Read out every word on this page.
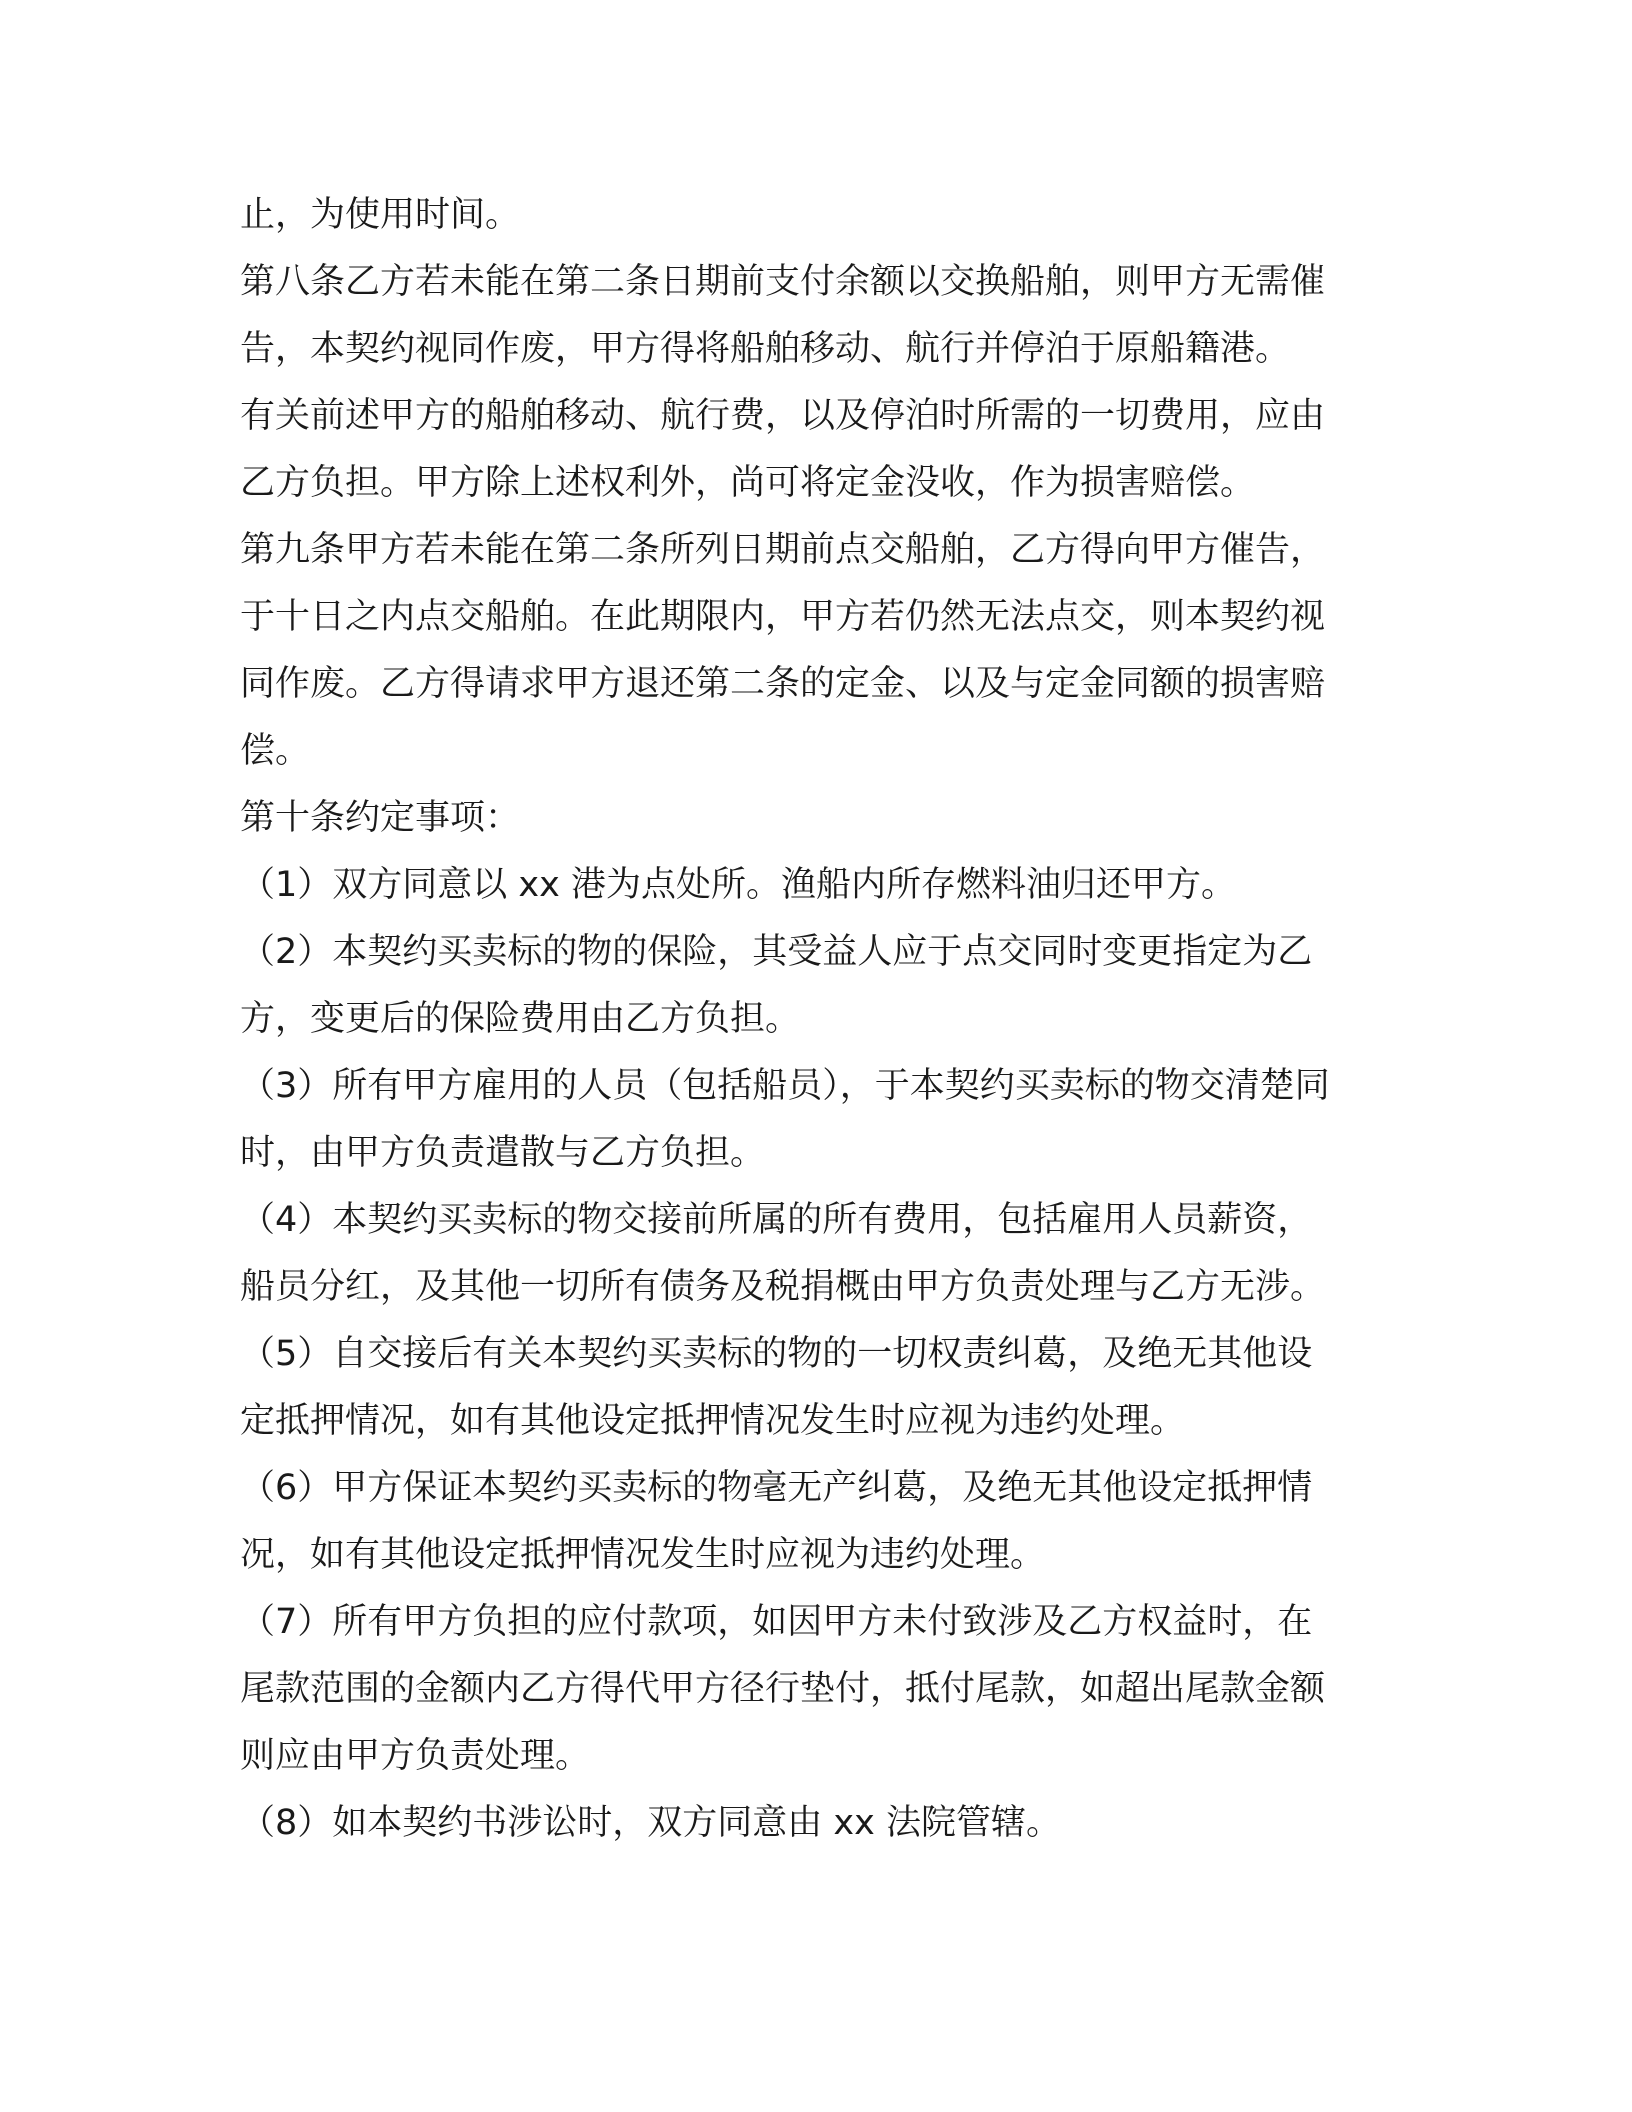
止，为使用时间。
第八条乙方若未能在第二条日期前支付余额以交换船舶，则甲方无需催
告，本契约视同作废，甲方得将船舶移动、航行并停泊于原船籍港。
有关前述甲方的船舶移动、航行费，以及停泊时所需的一切费用，应由
乙方负担。甲方除上述权利外，尚可将定金没收，作为损害赔偿。
第九条甲方若未能在第二条所列日期前点交船舶，乙方得向甲方催告，
于十日之内点交船舶。在此期限内，甲方若仍然无法点交，则本契约视
同作废。乙方得请求甲方退还第二条的定金、以及与定金同额的损害赔
偿。
第十条约定事项：
（1）双方同意以 xx 港为点处所。渔船内所存燃料油归还甲方。
（2）本契约买卖标的物的保险，其受益人应于点交同时变更指定为乙
方，变更后的保险费用由乙方负担。
（3）所有甲方雇用的人员（包括船员），于本契约买卖标的物交清楚同
时，由甲方负责遣散与乙方负担。
（4）本契约买卖标的物交接前所属的所有费用，包括雇用人员薪资，
船员分红，及其他一切所有债务及税捐概由甲方负责处理与乙方无涉。
（5）自交接后有关本契约买卖标的物的一切权责纠葛，及绝无其他设
定抵押情况，如有其他设定抵押情况发生时应视为违约处理。
（6）甲方保证本契约买卖标的物毫无产纠葛，及绝无其他设定抵押情
况，如有其他设定抵押情况发生时应视为违约处理。
（7）所有甲方负担的应付款项，如因甲方未付致涉及乙方权益时，在
尾款范围的金额内乙方得代甲方径行垫付，抵付尾款，如超出尾款金额
则应由甲方负责处理。
（8）如本契约书涉讼时，双方同意由 xx 法院管辖。
